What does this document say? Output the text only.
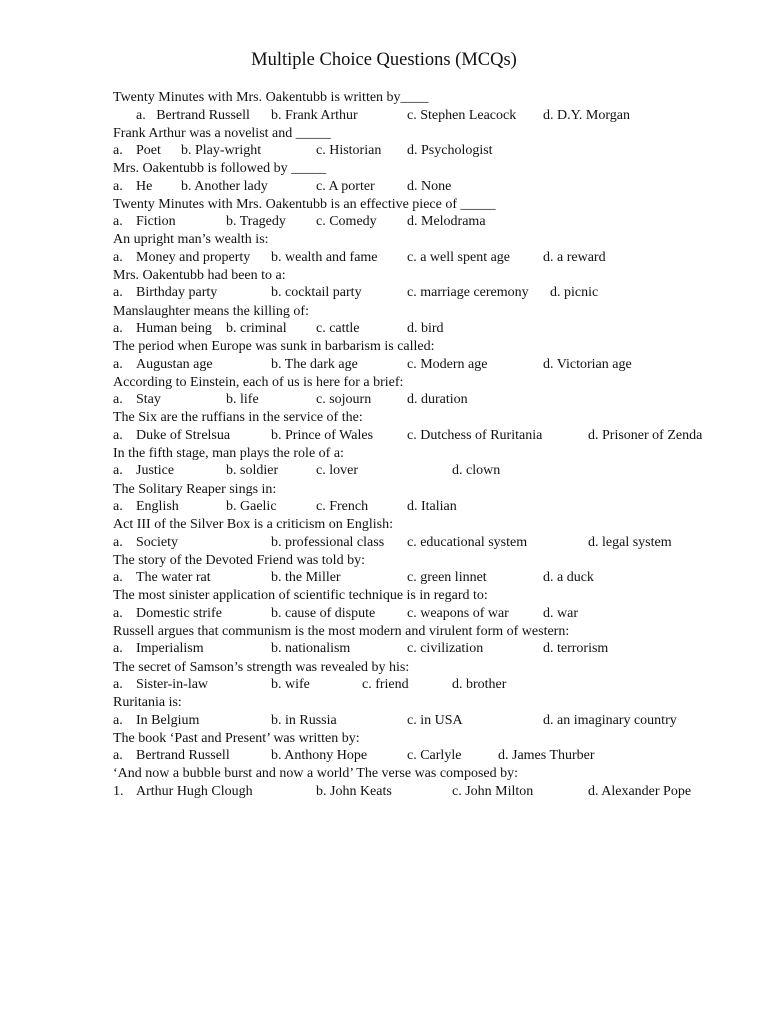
Multiple Choice Questions (MCQs)
Twenty Minutes with Mrs. Oakentubb is written by____
a.   Bertrand Russell b. Frank Arthur	c. Stephen Leacock d. D.Y. Morgan
Frank Arthur was a novelist and _____
a. Poet b. Play-wright	c. Historian d. Psychologist
Mrs. Oakentubb is followed by _____
a. He b. Another lady	c. A porter d. None
Twenty Minutes with Mrs. Oakentubb is an effective piece of _____
a. Fiction	b. Tragedy c. Comedy d. Melodrama
An upright man’s wealth is:
a. Money and property b. wealth and fame c. a well spent age d. a reward
Mrs. Oakentubb had been to a:
a. Birthday party	b. cocktail party	c. marriage ceremony d. picnic
Manslaughter means the killing of:
a. Human being b. criminal c. cattle	d. bird
The period when Europe was sunk in barbarism is called:
a. Augustan age	b. The dark age	c. Modern age	d. Victorian age
According to Einstein, each of us is here for a brief:
a. Stay	b. life	c. sojourn	d. duration
The Six are the ruffians in the service of the:
a. Duke of Strelsua	b. Prince of Wales c. Dutchess of Ruritania	d. Prisoner of Zenda
In the fifth stage, man plays the role of a:
a. Justice	b. soldier	c. lover	d. clown
The Solitary Reaper sings in:
a. English	b. Gaelic	c. French	d. Italian
Act III of the Silver Box is a criticism on English:
a. Society	b. professional class c. educational system	d. legal system
The story of the Devoted Friend was told by:
a. The water rat	b. the Miller	c. green linnet	d. a duck
The most sinister application of scientific technique is in regard to:
a. Domestic strife	b. cause of dispute c. weapons of war d. war
Russell argues that communism is the most modern and virulent form of western:
a. Imperialism	b. nationalism	c. civilization	d. terrorism
The secret of Samson’s strength was revealed by his:
a. Sister-in-law	b. wife	c. friend	d. brother
Ruritania is:
a. In Belgium	b. in Russia	c. in USA	d. an imaginary country
The book ‘Past and Present’ was written by:
a. Bertrand Russell	b. Anthony Hope	c. Carlyle	d. James Thurber
‘And now a bubble burst and now a world’ The verse was composed by:
1. Arthur Hugh Clough	b. John Keats	c. John Milton	d. Alexander Pope
